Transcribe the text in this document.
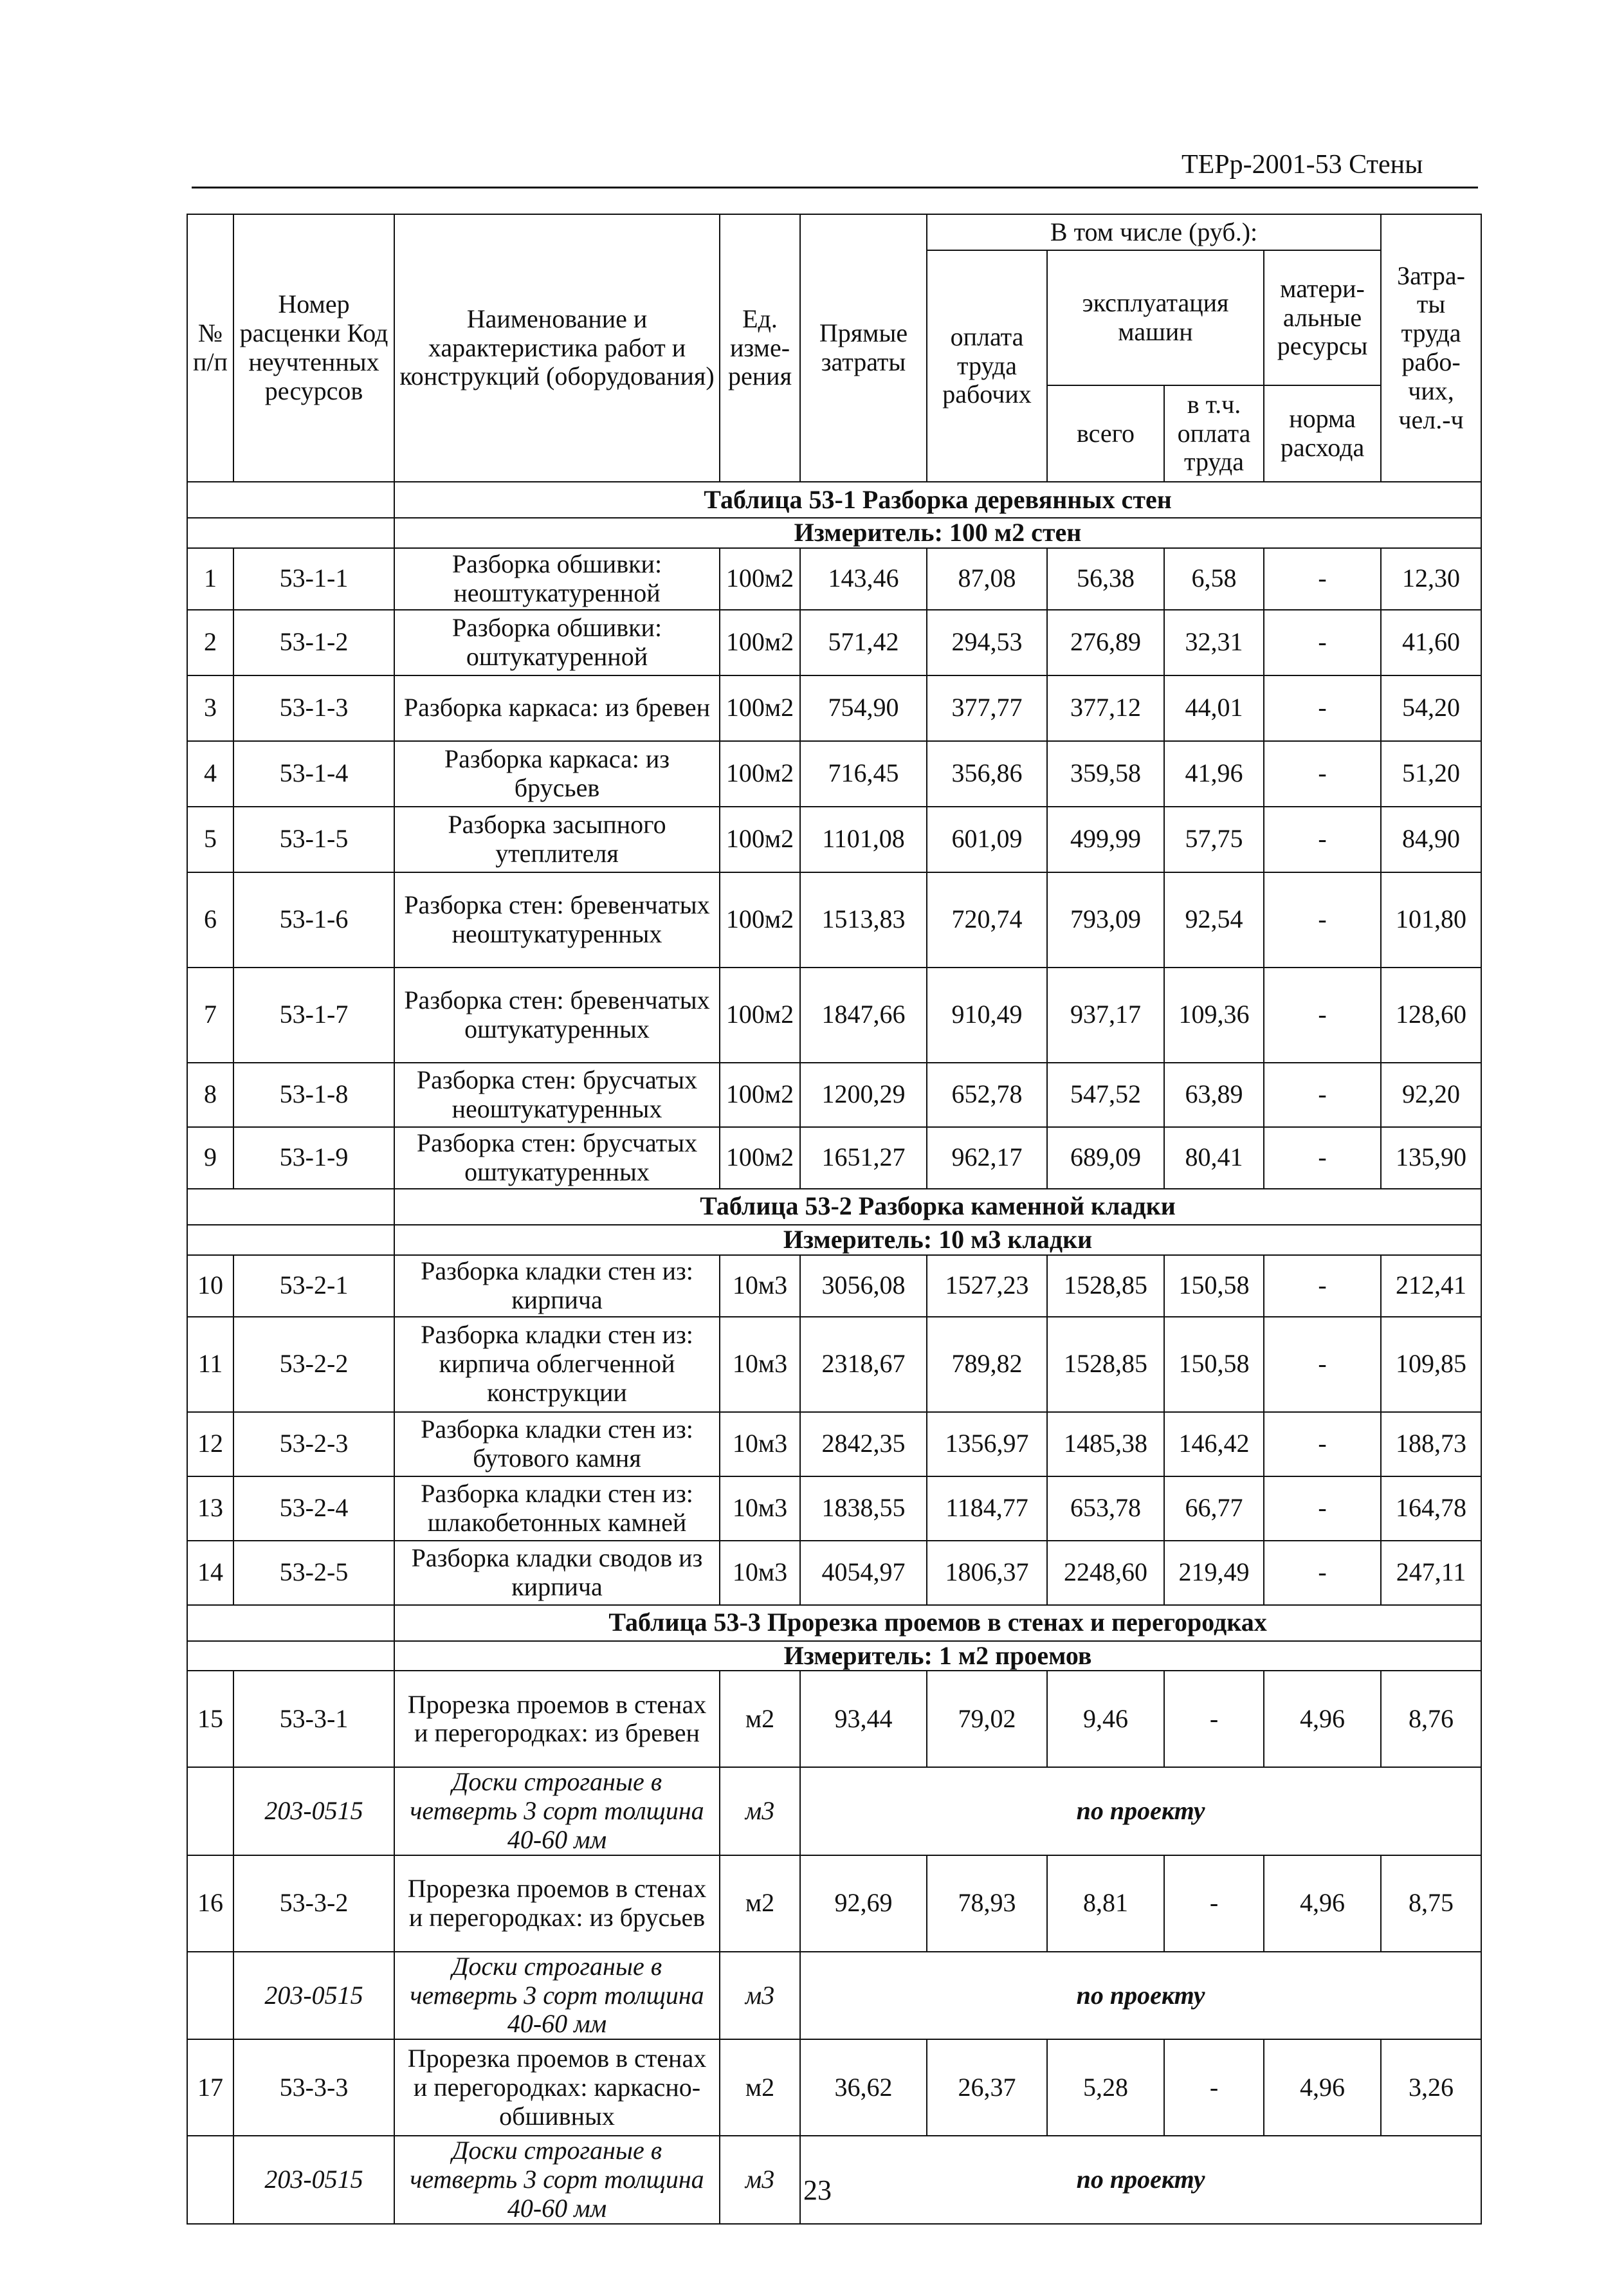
ТЕРр-2001-53 Стены
№ п/п	Номер расценки Код неучтенных ресурсов	Наименование и характеристика работ и конструкций (оборудования)	Ед. изме-рения	Прямые затраты	В том числе (руб.):				Затра-ты труда рабо-чих, чел.-ч
					оплата труда рабочих	эксплуатация машин		матери-альные ресурсы	
						всего	в т.ч. оплата труда	норма расхода	
		Таблица 53-1 Разборка деревянных стен							
		Измеритель: 100 м2 стен							
1	53-1-1	Разборка обшивки: неоштукатуренной	100м2	143,46	87,08	56,38	6,58	-	12,30
2	53-1-2	Разборка обшивки: оштукатуренной	100м2	571,42	294,53	276,89	32,31	-	41,60
3	53-1-3	Разборка каркаса: из бревен	100м2	754,90	377,77	377,12	44,01	-	54,20
4	53-1-4	Разборка каркаса: из брусьев	100м2	716,45	356,86	359,58	41,96	-	51,20
5	53-1-5	Разборка засыпного утеплителя	100м2	1101,08	601,09	499,99	57,75	-	84,90
6	53-1-6	Разборка стен: бревенчатых неоштукатуренных	100м2	1513,83	720,74	793,09	92,54	-	101,80
7	53-1-7	Разборка стен: бревенчатых оштукатуренных	100м2	1847,66	910,49	937,17	109,36	-	128,60
8	53-1-8	Разборка стен: брусчатых неоштукатуренных	100м2	1200,29	652,78	547,52	63,89	-	92,20
9	53-1-9	Разборка стен: брусчатых оштукатуренных	100м2	1651,27	962,17	689,09	80,41	-	135,90
		Таблица 53-2 Разборка каменной кладки							
		Измеритель: 10 м3 кладки							
10	53-2-1	Разборка кладки стен из: кирпича	10м3	3056,08	1527,23	1528,85	150,58	-	212,41
11	53-2-2	Разборка кладки стен из: кирпича облегченной конструкции	10м3	2318,67	789,82	1528,85	150,58	-	109,85
12	53-2-3	Разборка кладки стен из: бутового камня	10м3	2842,35	1356,97	1485,38	146,42	-	188,73
13	53-2-4	Разборка кладки стен из: шлакобетонных камней	10м3	1838,55	1184,77	653,78	66,77	-	164,78
14	53-2-5	Разборка кладки сводов из кирпича	10м3	4054,97	1806,37	2248,60	219,49	-	247,11
		Таблица 53-3 Прорезка проемов в стенах и перегородках							
		Измеритель: 1 м2 проемов							
15	53-3-1	Прорезка проемов в стенах и перегородках: из бревен	м2	93,44	79,02	9,46	-	4,96	8,76
	203-0515	Доски строганые в четверть 3 сорт толщина 40-60 мм	м3	по проекту					
16	53-3-2	Прорезка проемов в стенах и перегородках: из брусьев	м2	92,69	78,93	8,81	-	4,96	8,75
	203-0515	Доски строганые в четверть 3 сорт толщина 40-60 мм	м3	по проекту					
17	53-3-3	Прорезка проемов в стенах и перегородках: каркасно-обшивных	м2	36,62	26,37	5,28	-	4,96	3,26
	203-0515	Доски строганые в четверть 3 сорт толщина 40-60 мм	м3	по проекту					
23
